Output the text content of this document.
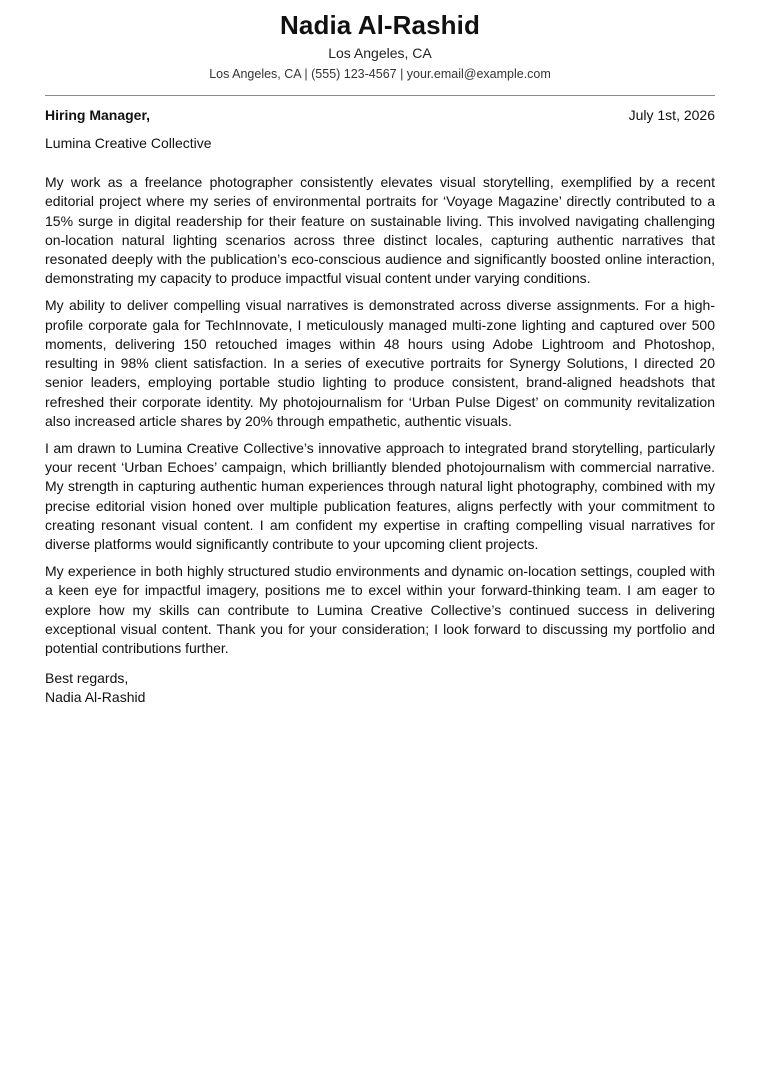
Nadia Al-Rashid
Los Angeles, CA
Los Angeles, CA | (555) 123-4567 | your.email@example.com
Hiring Manager,	July 1st, 2026
Lumina Creative Collective

My work as a freelance photographer consistently elevates visual storytelling, exemplified by a recent editorial project where my series of environmental portraits for ‘Voyage Magazine’ directly contributed to a 15% surge in digital readership for their feature on sustainable living. This involved navigating challenging on-location natural lighting scenarios across three distinct locales, capturing authentic narratives that resonated deeply with the publication’s eco-conscious audience and significantly boosted online interaction, demonstrating my capacity to produce impactful visual content under varying conditions.

My ability to deliver compelling visual narratives is demonstrated across diverse assignments. For a high-profile corporate gala for TechInnovate, I meticulously managed multi-zone lighting and captured over 500 moments, delivering 150 retouched images within 48 hours using Adobe Lightroom and Photoshop, resulting in 98% client satisfaction. In a series of executive portraits for Synergy Solutions, I directed 20 senior leaders, employing portable studio lighting to produce consistent, brand-aligned headshots that refreshed their corporate identity. My photojournalism for ‘Urban Pulse Digest’ on community revitalization also increased article shares by 20% through empathetic, authentic visuals.

I am drawn to Lumina Creative Collective’s innovative approach to integrated brand storytelling, particularly your recent ‘Urban Echoes’ campaign, which brilliantly blended photojournalism with commercial narrative. My strength in capturing authentic human experiences through natural light photography, combined with my precise editorial vision honed over multiple publication features, aligns perfectly with your commitment to creating resonant visual content. I am confident my expertise in crafting compelling visual narratives for diverse platforms would significantly contribute to your upcoming client projects.

My experience in both highly structured studio environments and dynamic on-location settings, coupled with a keen eye for impactful imagery, positions me to excel within your forward-thinking team. I am eager to explore how my skills can contribute to Lumina Creative Collective’s continued success in delivering exceptional visual content. Thank you for your consideration; I look forward to discussing my portfolio and potential contributions further.

Best regards,
Nadia Al-Rashid
